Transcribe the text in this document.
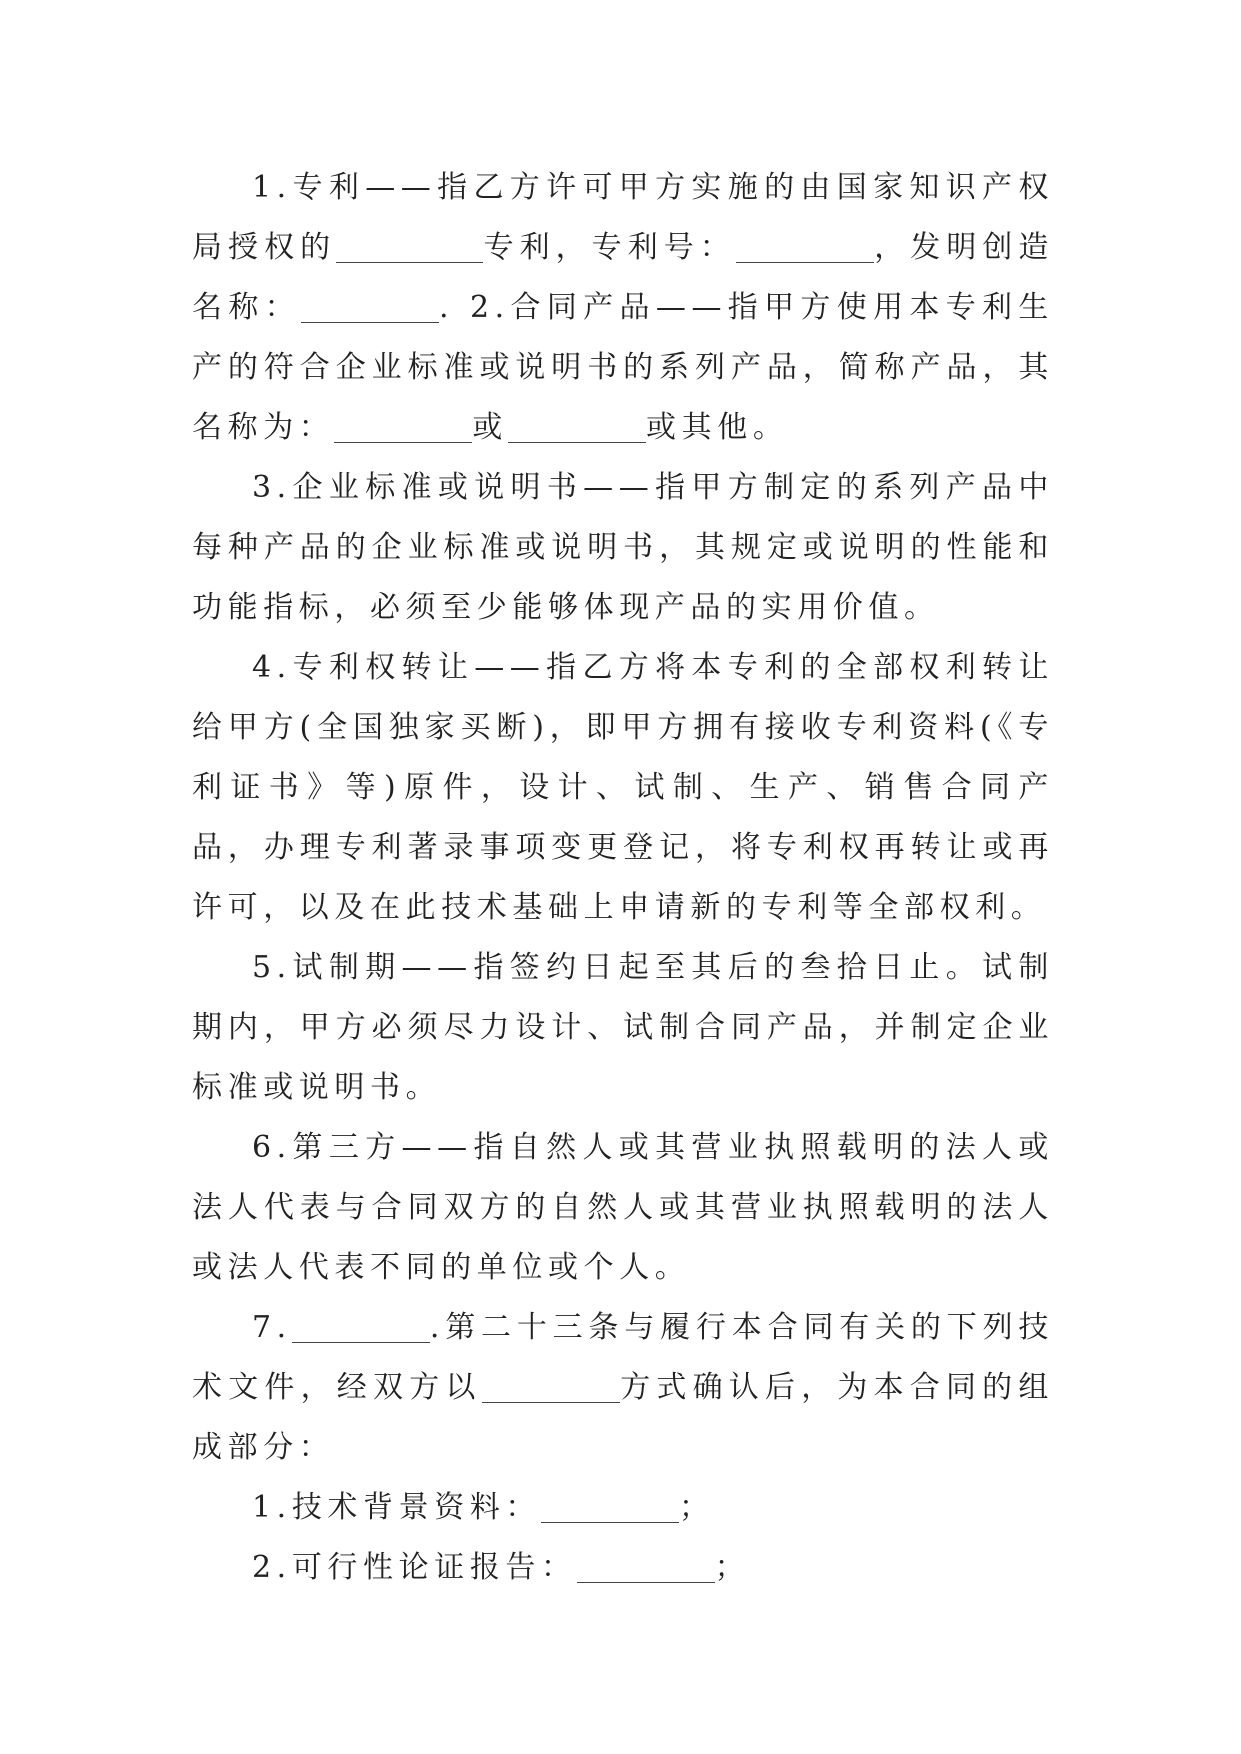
1.专利——指乙方许可甲方实施的由国家知识产权局授权的	专利，专利号：	，发明创造名称：	. 2.合同产品——指甲方使用本专利生产的符合企业标准或说明书的系列产品，简称产品，其名称为：	或	或其他。

3.企业标准或说明书——指甲方制定的系列产品中每种产品的企业标准或说明书，其规定或说明的性能和功能指标，必须至少能够体现产品的实用价值。

4.专利权转让——指乙方将本专利的全部权利转让给甲方(全国独家买断)，即甲方拥有接收专利资料(《专利证书》等)原件，设计、试制、生产、销售合同产品，办理专利著录事项变更登记，将专利权再转让或再许可，以及在此技术基础上申请新的专利等全部权利。

5.试制期——指签约日起至其后的叁拾日止。试制期内，甲方必须尽力设计、试制合同产品，并制定企业标准或说明书。

6.第三方——指自然人或其营业执照载明的法人或法人代表与合同双方的自然人或其营业执照载明的法人或法人代表不同的单位或个人。

7.	.第二十三条与履行本合同有关的下列技术文件，经双方以	方式确认后，为本合同的组成部分：

1.技术背景资料：	；

2.可行性论证报告：	；
